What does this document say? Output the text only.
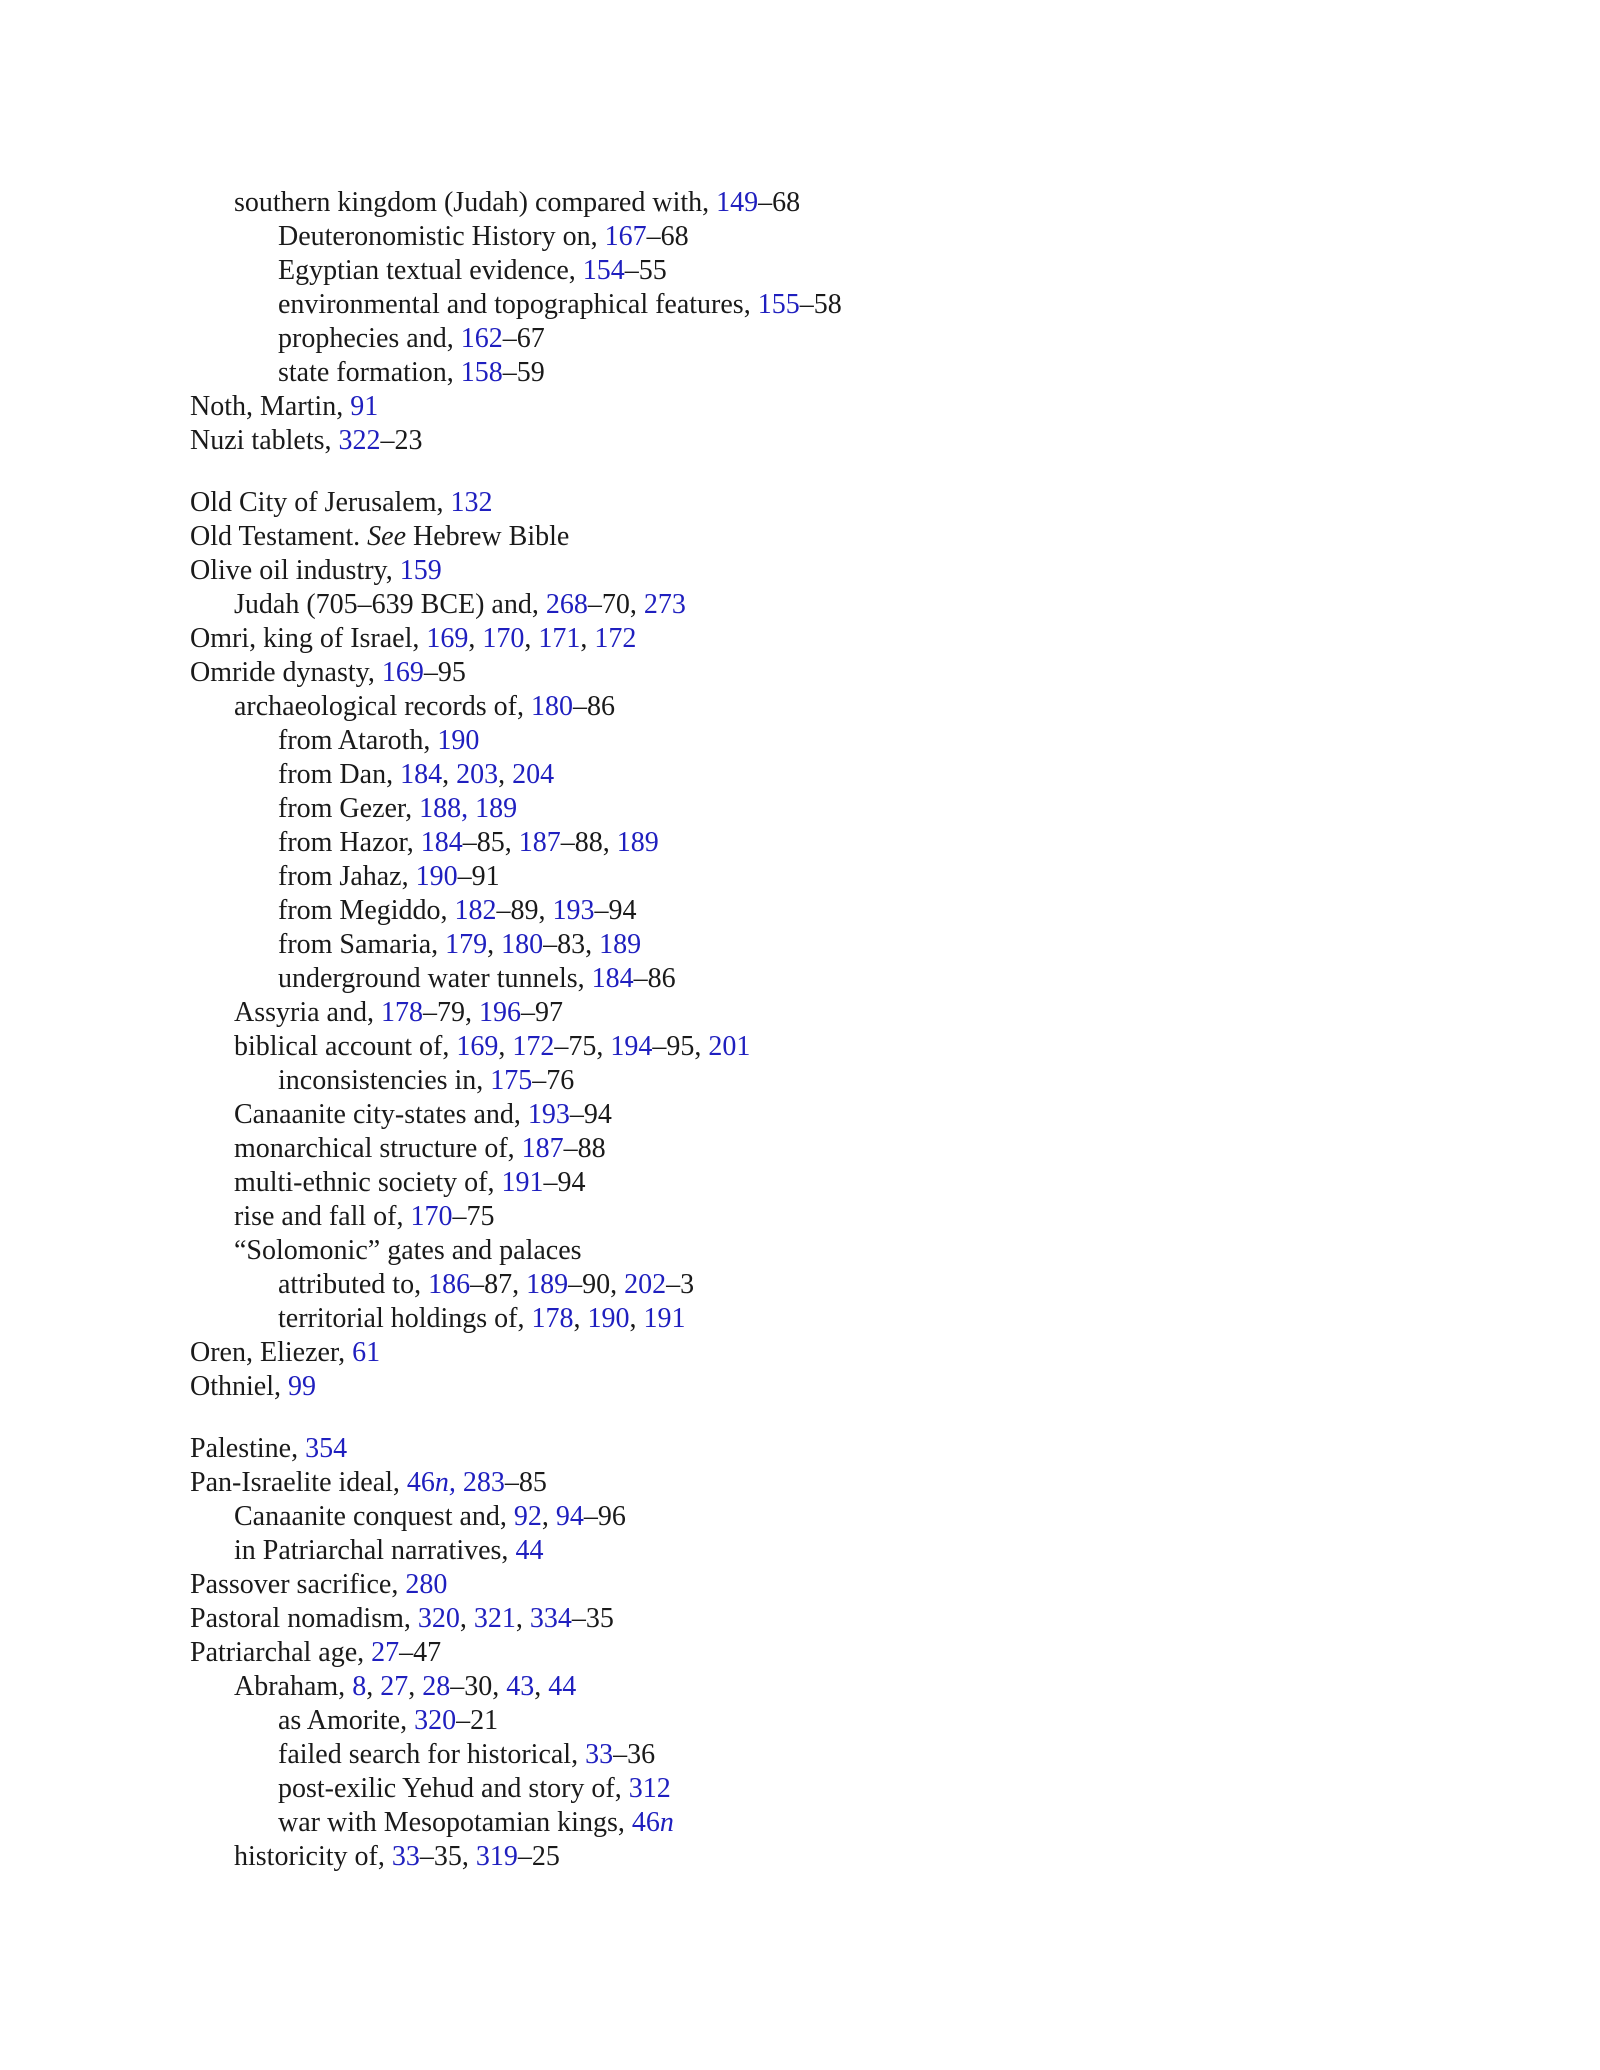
southern kingdom (Judah) compared with, 149–68
Deuteronomistic History on, 167–68
Egyptian textual evidence, 154–55
environmental and topographical features, 155–58
prophecies and, 162–67
state formation, 158–59
Noth, Martin, 91
Nuzi tablets, 322–23
Old City of Jerusalem, 132
Old Testament. See Hebrew Bible
Olive oil industry, 159
Judah (705–639 BCE) and, 268–70, 273
Omri, king of Israel, 169, 170, 171, 172
Omride dynasty, 169–95
archaeological records of, 180–86
from Ataroth, 190
from Dan, 184, 203, 204
from Gezer, 188, 189
from Hazor, 184–85, 187–88, 189
from Jahaz, 190–91
from Megiddo, 182–89, 193–94
from Samaria, 179, 180–83, 189
underground water tunnels, 184–86
Assyria and, 178–79, 196–97
biblical account of, 169, 172–75, 194–95, 201
inconsistencies in, 175–76
Canaanite city-states and, 193–94
monarchical structure of, 187–88
multi-ethnic society of, 191–94
rise and fall of, 170–75
“Solomonic” gates and palaces
attributed to, 186–87, 189–90, 202–3
territorial holdings of, 178, 190, 191
Oren, Eliezer, 61
Othniel, 99
Palestine, 354
Pan-Israelite ideal, 46n, 283–85
Canaanite conquest and, 92, 94–96
in Patriarchal narratives, 44
Passover sacrifice, 280
Pastoral nomadism, 320, 321, 334–35
Patriarchal age, 27–47
Abraham, 8, 27, 28–30, 43, 44
as Amorite, 320–21
failed search for historical, 33–36
post-exilic Yehud and story of, 312
war with Mesopotamian kings, 46n
historicity of, 33–35, 319–25
